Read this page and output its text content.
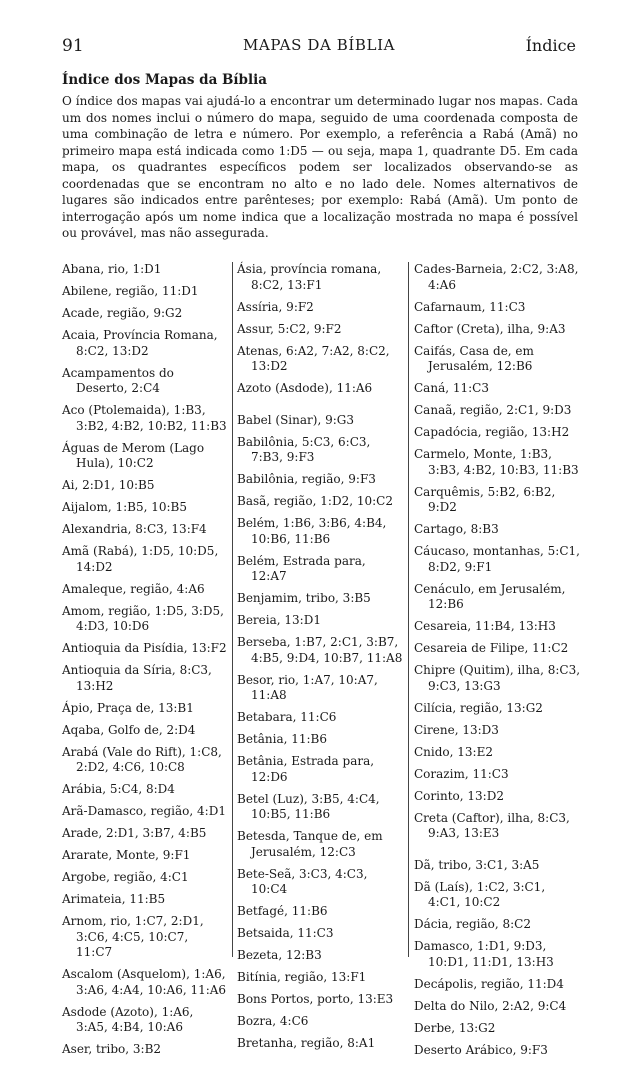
91	MAPAS DA BÍBLIA	Índice
Índice dos Mapas da Bíblia
O índice dos mapas vai ajudá-lo a encontrar um determinado lugar nos mapas. Cada um dos nomes inclui o número do mapa, seguido de uma coordenada composta de uma combinação de letra e número. Por exemplo, a referência a Rabá (Amã) no primeiro mapa está indicada como 1:D5 — ou seja, mapa 1, quadrante D5. Em cada mapa, os quadrantes específicos podem ser localizados observando-se as coordenadas que se encontram no alto e no lado dele. Nomes alternativos de lugares são indicados entre parênteses; por exemplo: Rabá (Amã). Um ponto de interrogação após um nome indica que a localização mostrada no mapa é possível ou provável, mas não assegurada.
Abana, rio, 1:D1
Abilene, região, 11:D1
Acade, região, 9:G2
Acaia, Província Romana, 8:C2, 13:D2
Acampamentos do Deserto, 2:C4
Aco (Ptolemaida), 1:B3, 3:B2, 4:B2, 10:B2, 11:B3
Águas de Merom (Lago Hula), 10:C2
Ai, 2:D1, 10:B5
Aijalom, 1:B5, 10:B5
Alexandria, 8:C3, 13:F4
Amã (Rabá), 1:D5, 10:D5, 14:D2
Amaleque, região, 4:A6
Amom, região, 1:D5, 3:D5, 4:D3, 10:D6
Antioquia da Pisídia, 13:F2
Antioquia da Síria, 8:C3, 13:H2
Ápio, Praça de, 13:B1
Aqaba, Golfo de, 2:D4
Arabá (Vale do Rift), 1:C8, 2:D2, 4:C6, 10:C8
Arábia, 5:C4, 8:D4
Arã-Damasco, região, 4:D1
Arade, 2:D1, 3:B7, 4:B5
Ararate, Monte, 9:F1
Argobe, região, 4:C1
Arimateia, 11:B5
Arnom, rio, 1:C7, 2:D1, 3:C6, 4:C5, 10:C7, 11:C7
Ascalom (Asquelom), 1:A6, 3:A6, 4:A4, 10:A6, 11:A6
Asdode (Azoto), 1:A6, 3:A5, 4:B4, 10:A6
Aser, tribo, 3:B2
Ásia, província romana, 8:C2, 13:F1
Assíria, 9:F2
Assur, 5:C2, 9:F2
Atenas, 6:A2, 7:A2, 8:C2, 13:D2
Azoto (Asdode), 11:A6
Babel (Sinar), 9:G3
Babilônia, 5:C3, 6:C3, 7:B3, 9:F3
Babilônia, região, 9:F3
Basã, região, 1:D2, 10:C2
Belém, 1:B6, 3:B6, 4:B4, 10:B6, 11:B6
Belém, Estrada para, 12:A7
Benjamim, tribo, 3:B5
Bereia, 13:D1
Berseba, 1:B7, 2:C1, 3:B7, 4:B5, 9:D4, 10:B7, 11:A8
Besor, rio, 1:A7, 10:A7, 11:A8
Betabara, 11:C6
Betânia, 11:B6
Betânia, Estrada para, 12:D6
Betel (Luz), 3:B5, 4:C4, 10:B5, 11:B6
Betesda, Tanque de, em Jerusalém, 12:C3
Bete-Seã, 3:C3, 4:C3, 10:C4
Betfagé, 11:B6
Betsaida, 11:C3
Bezeta, 12:B3
Bitínia, região, 13:F1
Bons Portos, porto, 13:E3
Bozra, 4:C6
Bretanha, região, 8:A1
Cades-Barneia, 2:C2, 3:A8, 4:A6
Cafarnaum, 11:C3
Caftor (Creta), ilha, 9:A3
Caifás, Casa de, em Jerusalém, 12:B6
Caná, 11:C3
Canaã, região, 2:C1, 9:D3
Capadócia, região, 13:H2
Carmelo, Monte, 1:B3, 3:B3, 4:B2, 10:B3, 11:B3
Carquêmis, 5:B2, 6:B2, 9:D2
Cartago, 8:B3
Cáucaso, montanhas, 5:C1, 8:D2, 9:F1
Cenáculo, em Jerusalém, 12:B6
Cesareia, 11:B4, 13:H3
Cesareia de Filipe, 11:C2
Chipre (Quitim), ilha, 8:C3, 9:C3, 13:G3
Cilícia, região, 13:G2
Cirene, 13:D3
Cnido, 13:E2
Corazim, 11:C3
Corinto, 13:D2
Creta (Caftor), ilha, 8:C3, 9:A3, 13:E3
Dã, tribo, 3:C1, 3:A5
Dã (Laís), 1:C2, 3:C1, 4:C1, 10:C2
Dácia, região, 8:C2
Damasco, 1:D1, 9:D3, 10:D1, 11:D1, 13:H3
Decápolis, região, 11:D4
Delta do Nilo, 2:A2, 9:C4
Derbe, 13:G2
Deserto Arábico, 9:F3
